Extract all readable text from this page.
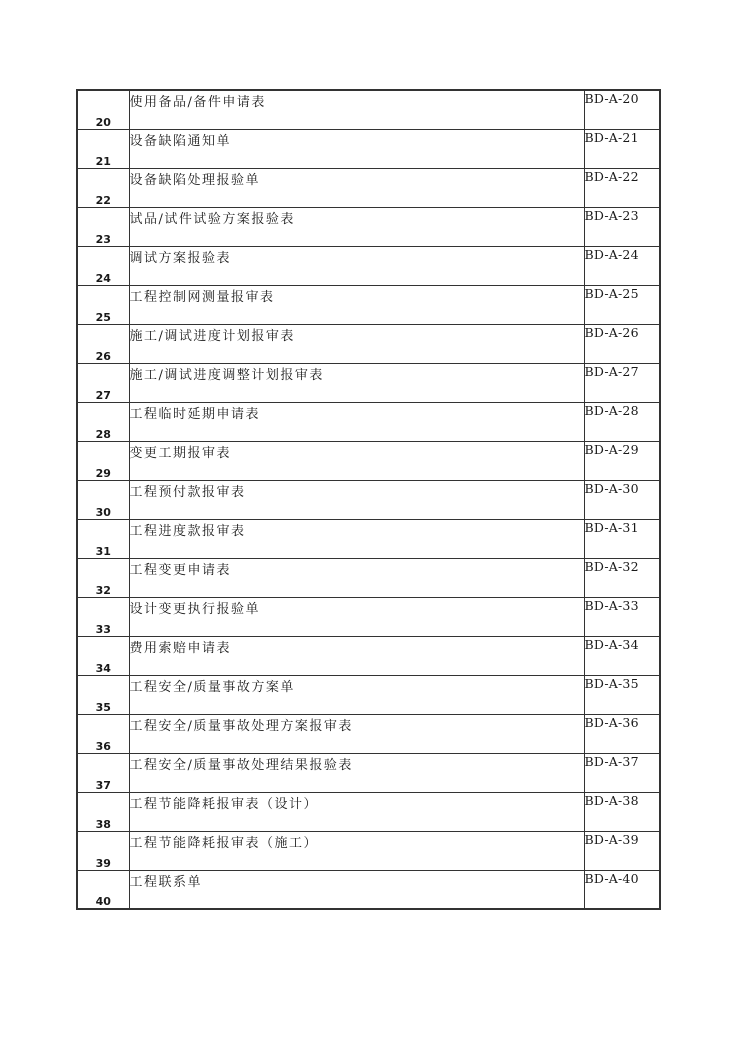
20	使用备品/备件申请表	BD-A-20
21	设备缺陷通知单	BD-A-21
22	设备缺陷处理报验单	BD-A-22
23	试品/试件试验方案报验表	BD-A-23
24	调试方案报验表	BD-A-24
25	工程控制网测量报审表	BD-A-25
26	施工/调试进度计划报审表	BD-A-26
27	施工/调试进度调整计划报审表	BD-A-27
28	工程临时延期申请表	BD-A-28
29	变更工期报审表	BD-A-29
30	工程预付款报审表	BD-A-30
31	工程进度款报审表	BD-A-31
32	工程变更申请表	BD-A-32
33	设计变更执行报验单	BD-A-33
34	费用索赔申请表	BD-A-34
35	工程安全/质量事故方案单	BD-A-35
36	工程安全/质量事故处理方案报审表	BD-A-36
37	工程安全/质量事故处理结果报验表	BD-A-37
38	工程节能降耗报审表（设计）	BD-A-38
39	工程节能降耗报审表（施工）	BD-A-39
40	工程联系单	BD-A-40
